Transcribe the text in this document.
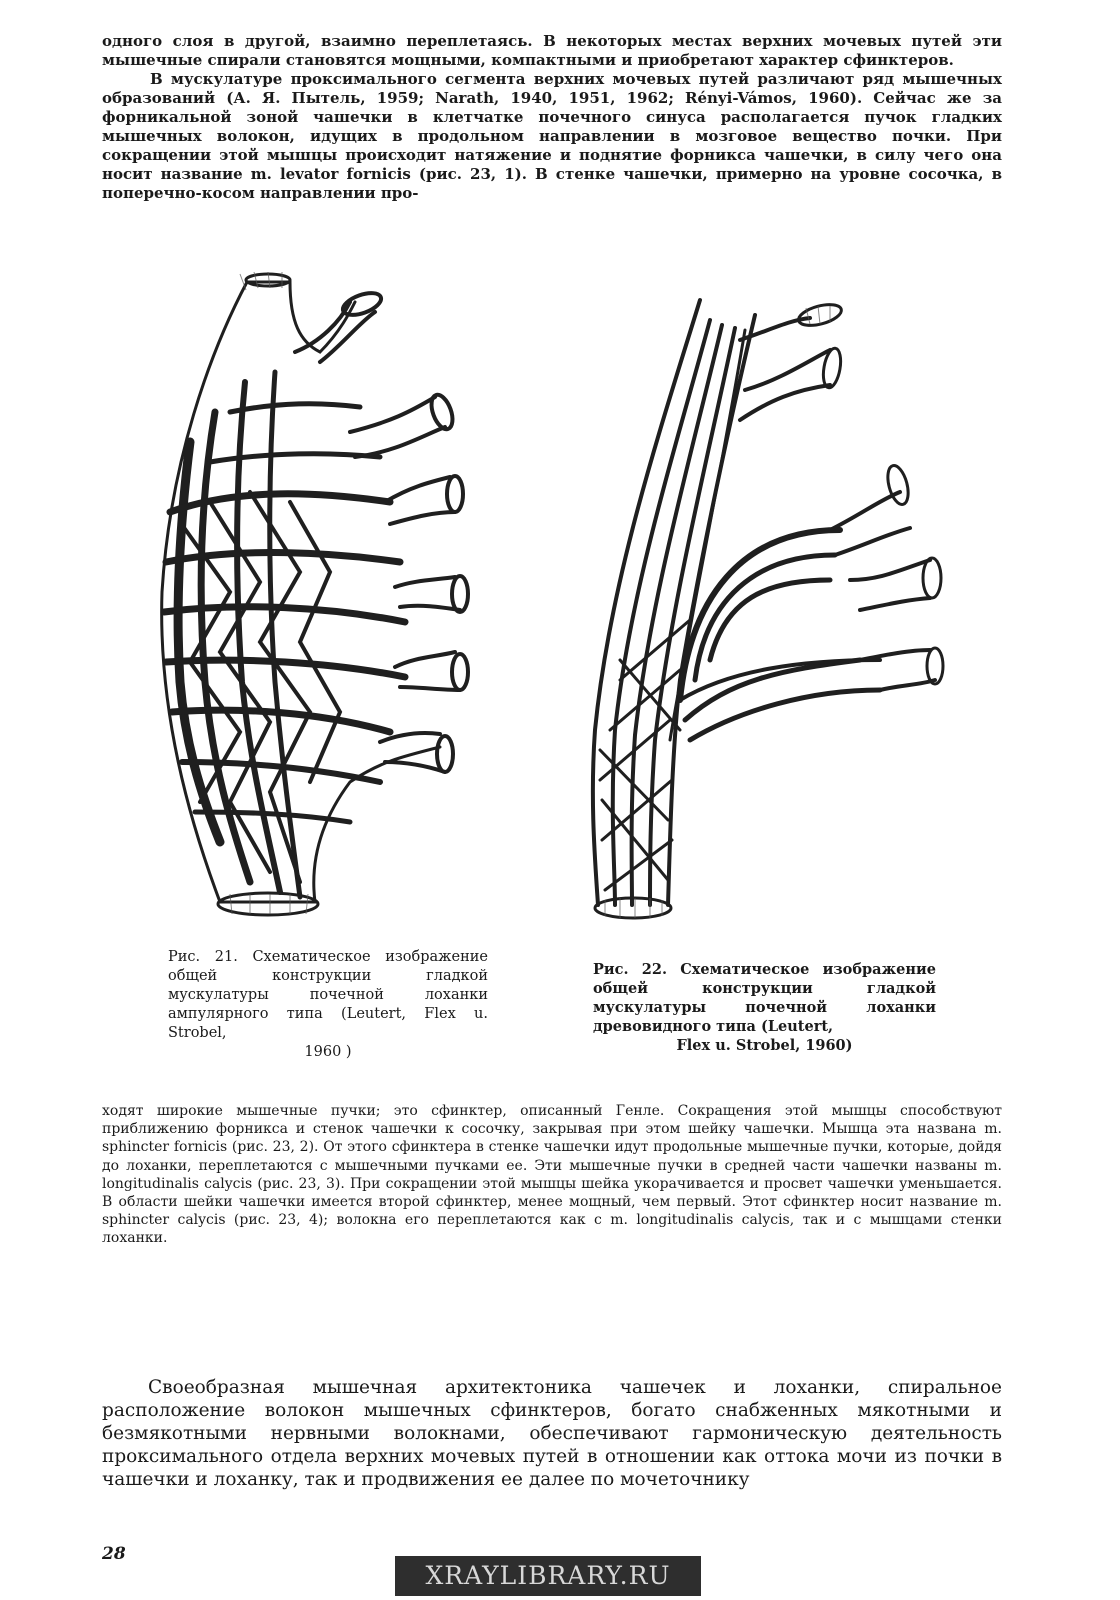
одного слоя в другой, взаимно переплетаясь. В некоторых местах верхних мочевых путей эти мышечные спирали становятся мощными, компактными и приобретают характер сфинктеров.

В мускулатуре проксимального сегмента верхних мочевых путей различают ряд мышечных образований (А. Я. Пытель, 1959; Narath, 1940, 1951, 1962; Rényi-Vámos, 1960). Сейчас же за форникальной зоной чашечки в клетчатке почечного синуса располагается пучок гладких мышечных волокон, идущих в продольном направлении в мозговое вещество почки. При сокращении этой мышцы происходит натяжение и поднятие форникса чашечки, в силу чего она носит название m. levator fornicis (рис. 23, 1). В стенке чашечки, примерно на уровне сосочка, в поперечно-косом направлении про-

Рис. 21. Схематическое изображение общей конструкции гладкой мускулатуры почечной лоханки ампулярного типа (Leutert, Flex u. Strobel,
1960 )
Рис. 22. Схематическое изображение общей конструкции гладкой мускулатуры почечной лоханки древовидного типа (Leutert,
Flex u. Strobel, 1960)

ходят широкие мышечные пучки; это сфинктер, описанный Генле. Сокращения этой мышцы способствуют приближению форникса и стенок чашечки к сосочку, закрывая при этом шейку чашечки. Мышца эта названа m. sphincter fornicis (рис. 23, 2). От этого сфинктера в стенке чашечки идут продольные мышечные пучки, которые, дойдя до лоханки, переплетаются с мышечными пучками ее. Эти мышечные пучки в средней части чашечки названы m. longitudinalis calycis (рис. 23, 3). При сокращении этой мышцы шейка укорачивается и просвет чашечки уменьшается. В области шейки чашечки имеется второй сфинктер, менее мощный, чем первый. Этот сфинктер носит название m. sphincter calycis (рис. 23, 4); волокна его переплетаются как с m. longitudinalis calycis, так и с мышцами стенки лоханки.

Своеобразная мышечная архитектоника чашечек и лоханки, спиральное расположение волокон мышечных сфинктеров, богато снабженных мякотными и безмякотными нервными волокнами, обеспечивают гармоническую деятельность проксимального отдела верхних мочевых путей в отношении как оттока мочи из почки в чашечки и лоханку, так и продвижения ее далее по мочеточнику

28
XRAYLIBRARY.RU
